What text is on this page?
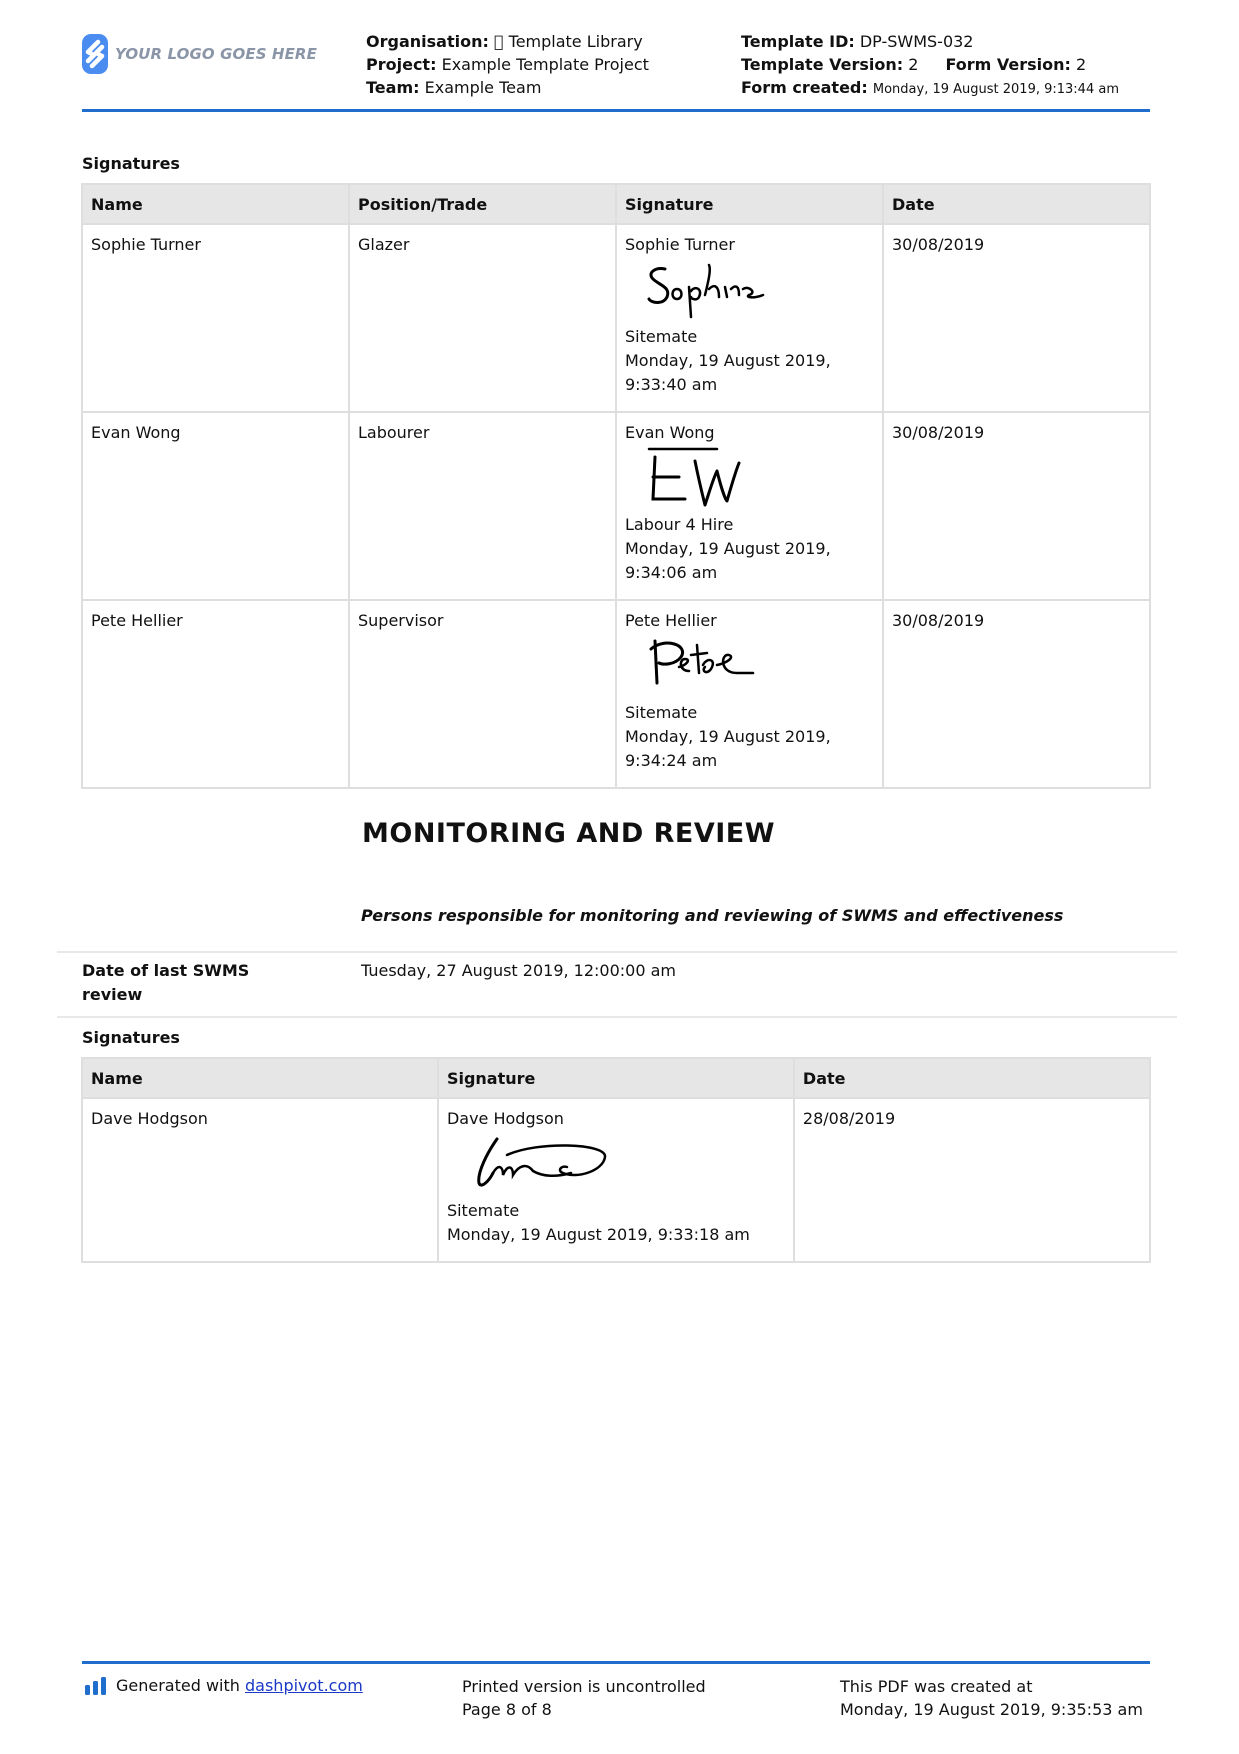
YOUR LOGO GOES HERE
Organisation: Template Library
Project: Example Template Project
Team: Example Team
Template ID: DP-SWMS-032
Template Version: 2 Form Version: 2
Form created: Monday, 19 August 2019, 9:13:44 am
Signatures
Name	Position/Trade	Signature	Date
Sophie Turner	Glazer	Sophie Turner
Sitemate
Monday, 19 August 2019,
9:33:40 am	30/08/2019
Evan Wong	Labourer	Evan Wong
Labour 4 Hire
Monday, 19 August 2019,
9:34:06 am	30/08/2019
Pete Hellier	Supervisor	Pete Hellier
Sitemate
Monday, 19 August 2019,
9:34:24 am	30/08/2019
MONITORING AND REVIEW
Persons responsible for monitoring and reviewing of SWMS and effectiveness
Date of last SWMS
review
Tuesday, 27 August 2019, 12:00:00 am
Signatures
Name	Signature	Date
Dave Hodgson	Dave Hodgson
Sitemate
Monday, 19 August 2019, 9:33:18 am	28/08/2019
Generated with dashpivot.com	Printed version is uncontrolled
Page 8 of 8
This PDF was created at
Monday, 19 August 2019, 9:35:53 am
